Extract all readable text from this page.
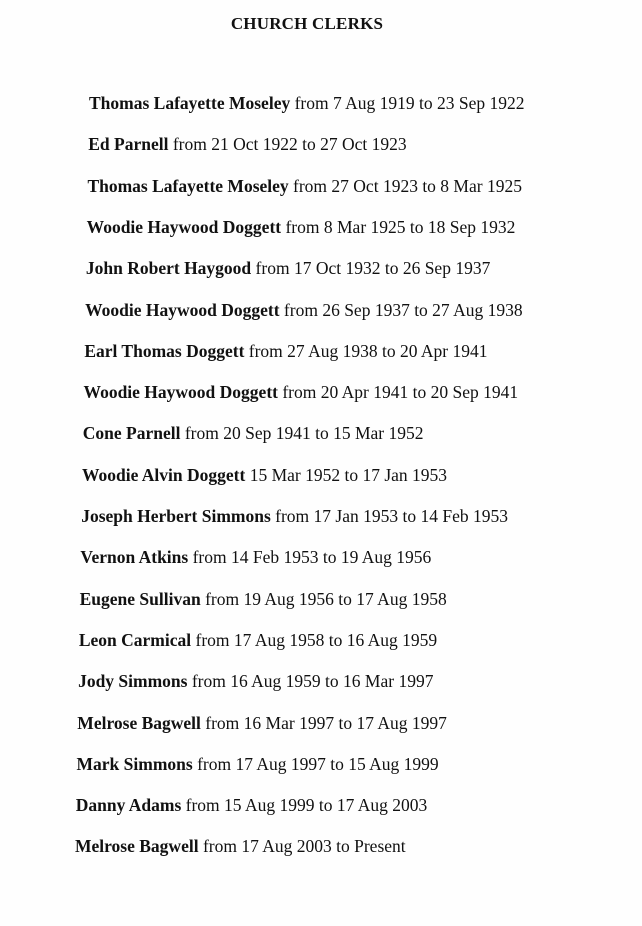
CHURCH CLERKS
Thomas Lafayette Moseley from 7 Aug 1919 to 23 Sep 1922
Ed Parnell from 21 Oct 1922 to 27 Oct 1923
Thomas Lafayette Moseley from 27 Oct 1923 to 8 Mar 1925
Woodie Haywood Doggett from 8 Mar 1925 to 18 Sep 1932
John Robert Haygood from 17 Oct 1932 to 26 Sep 1937
Woodie Haywood Doggett from 26 Sep 1937 to 27 Aug 1938
Earl Thomas Doggett from 27 Aug 1938 to 20 Apr 1941
Woodie Haywood Doggett from 20 Apr 1941 to 20 Sep 1941
Cone Parnell from 20 Sep 1941 to 15 Mar 1952
Woodie Alvin Doggett 15 Mar 1952 to 17 Jan 1953
Joseph Herbert Simmons from 17 Jan 1953 to 14 Feb 1953
Vernon Atkins from 14 Feb 1953 to 19 Aug 1956
Eugene Sullivan from 19 Aug 1956 to 17 Aug 1958
Leon Carmical from 17 Aug 1958 to 16 Aug 1959
Jody Simmons from 16 Aug 1959 to 16 Mar 1997
Melrose Bagwell from 16 Mar 1997 to 17 Aug 1997
Mark Simmons from 17 Aug 1997 to 15 Aug 1999
Danny Adams from 15 Aug 1999 to 17 Aug 2003
Melrose Bagwell from 17 Aug 2003 to Present
